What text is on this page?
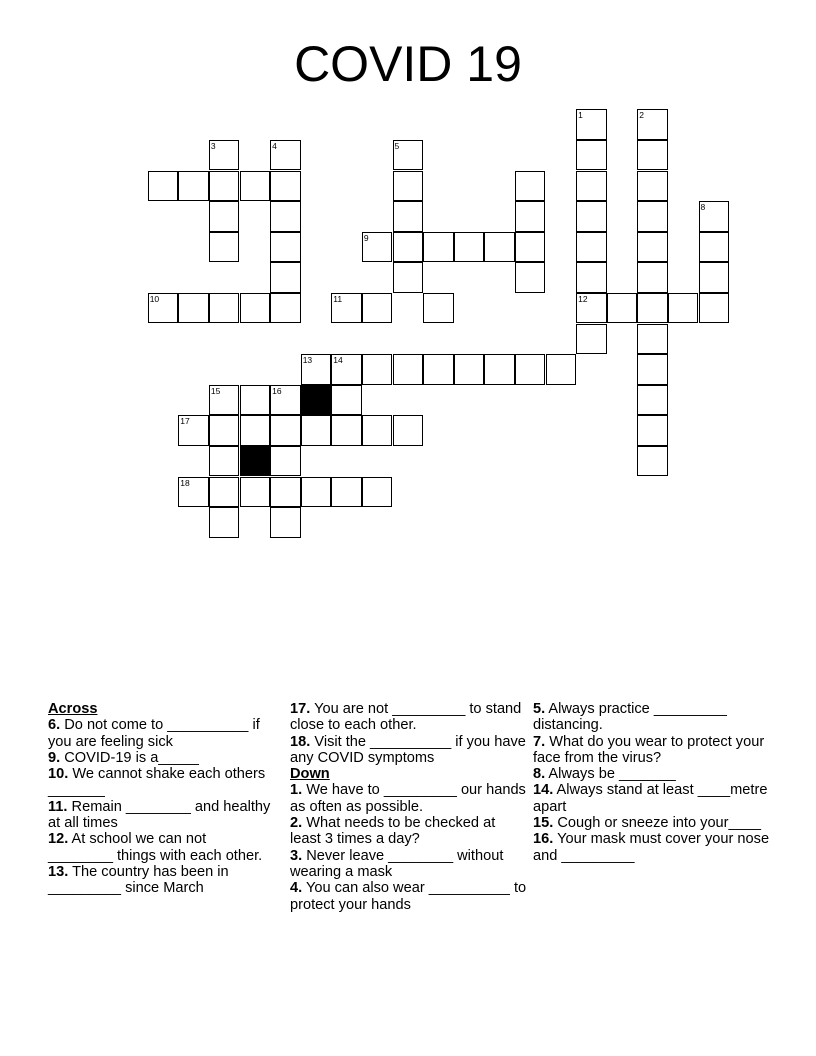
COVID 19
1	2
12
3	4
10
5
9
11
8
13 14
15	16
17
18

Across

6. Do not come to __________ if you are feeling sick

9. COVID-19 is a_____

10. We cannot shake each others _______

11. Remain ________ and healthy at all times

12. At school we can not ________ things with each other.

13. The country has been in _________ since March

17. You are not _________ to stand close to each other.

18. Visit the __________ if you have any COVID symptoms

Down

1. We have to _________ our hands as often as possible.

2. What needs to be checked at least 3 times a day?

3. Never leave ________ without wearing a mask

4. You can also wear __________ to protect your hands

5. Always practice _________ distancing.

7. What do you wear to protect your face from the virus?

8. Always be _______

14. Always stand at least ____metre apart

15. Cough or sneeze into your____

16. Your mask must cover your nose and _________
